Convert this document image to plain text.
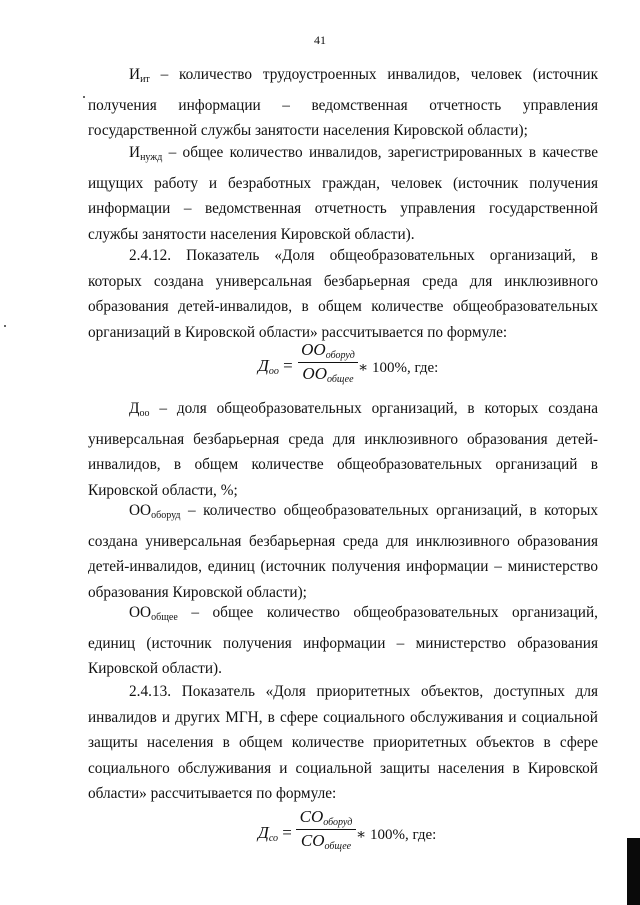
41
$И_{ит}$ – количество трудоустроенных инвалидов, человек (источник получения информации – ведомственная отчетность управления государственной службы занятости населения Кировской области);
$И_{нужд}$ – общее количество инвалидов, зарегистрированных в качестве ищущих работу и безработных граждан, человек (источник получения информации – ведомственная отчетность управления государственной службы занятости населения Кировской области).
2.4.12. Показатель «Доля общеобразовательных организаций, в которых создана универсальная безбарьерная среда для инклюзивного образования детей-инвалидов, в общем количестве общеобразовательных организаций в Кировской области» рассчитывается по формуле:
$Д_{оо}$ =
$ОО_{оборуд}$
$ОО_{общее}$
∗ 100%, где:
$Д_{оо}$ – доля общеобразовательных организаций, в которых создана универсальная безбарьерная среда для инклюзивного образования детей-инвалидов, в общем количестве общеобразовательных организаций в Кировской области, %;
$ОО_{оборуд}$ – количество общеобразовательных организаций, в которых создана универсальная безбарьерная среда для инклюзивного образования детей-инвалидов, единиц (источник получения информации – министерство образования Кировской области);
$ОО_{общее}$ – общее количество общеобразовательных организаций, единиц (источник получения информации – министерство образования Кировской области).
2.4.13. Показатель «Доля приоритетных объектов, доступных для инвалидов и других МГН, в сфере социального обслуживания и социальной защиты населения в общем количестве приоритетных объектов в сфере социального обслуживания и социальной защиты населения в Кировской области» рассчитывается по формуле:
$Д_{со}$ =
$СО_{оборуд}$
$СО_{общее}$
∗ 100%, где:
